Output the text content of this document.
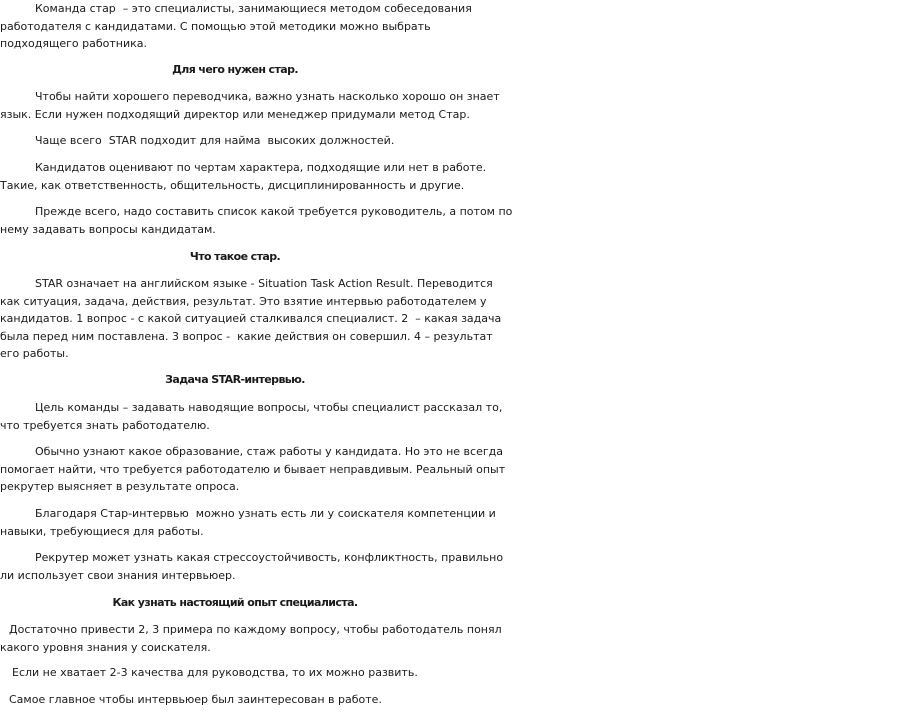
Команда стар  – это специалисты, занимающиеся методом собеседования
работодателя с кандидатами. С помощью этой методики можно выбрать
подходящего работника.
Для чего нужен стар.
Чтобы найти хорошего переводчика, важно узнать насколько хорошо он знает
язык. Если нужен подходящий директор или менеджер придумали метод Стар.
Чаще всего  STAR подходит для найма  высоких должностей.
Кандидатов оценивают по чертам характера, подходящие или нет в работе.
Такие, как ответственность, общительность, дисциплинированность и другие.
Прежде всего, надо составить список какой требуется руководитель, а потом по
нему задавать вопросы кандидатам.
Что такое стар.
STAR означает на английском языке - Situation Task Action Result. Переводится
как ситуация, задача, действия, результат. Это взятие интервью работодателем у
кандидатов. 1 вопрос - с какой ситуацией сталкивался специалист. 2  – какая задача
была перед ним поставлена. 3 вопрос -  какие действия он совершил. 4 – результат
его работы.
Задача STAR-интервью.
Цель команды – задавать наводящие вопросы, чтобы специалист рассказал то,
что требуется знать работодателю.
Обычно узнают какое образование, стаж работы у кандидата. Но это не всегда
помогает найти, что требуется работодателю и бывает неправдивым. Реальный опыт
рекрутер выясняет в результате опроса.
Благодаря Стар-интервью  можно узнать есть ли у соискателя компетенции и
навыки, требующиеся для работы.
Рекрутер может узнать какая стрессоустойчивость, конфликтность, правильно
ли использует свои знания интервьюер.
Как узнать настоящий опыт специалиста.
Достаточно привести 2, 3 примера по каждому вопросу, чтобы работодатель понял
какого уровня знания у соискателя.
Если не хватает 2-3 качества для руководства, то их можно развить.
Самое главное чтобы интервьюер был заинтересован в работе.
